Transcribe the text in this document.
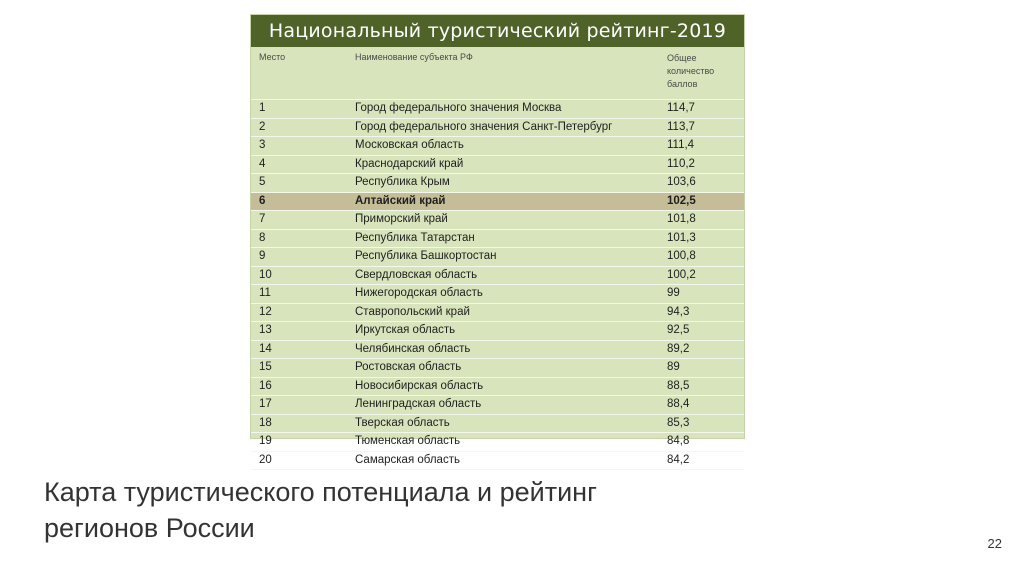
Национальный туристический рейтинг-2019
Место	Наименование субъекта РФ	Общее
количество
баллов
1	Город федерального значения Москва	114,7
2	Город федерального значения Санкт-Петербург	113,7
3	Московская область	111,4
4	Краснодарский край	110,2
5	Республика Крым	103,6
6	Алтайский край	102,5
7	Приморский край	101,8
8	Республика Татарстан	101,3
9	Республика Башкортостан	100,8
10	Свердловская область	100,2
11	Нижегородская область	99
12	Ставропольский край	94,3
13	Иркутская область	92,5
14	Челябинская область	89,2
15	Ростовская область	89
16	Новосибирская область	88,5
17	Ленинградская область	88,4
18	Тверская область	85,3
19	Тюменская область	84,8
20	Самарская область	84,2
Карта туристического потенциала и рейтинг
регионов России
22
